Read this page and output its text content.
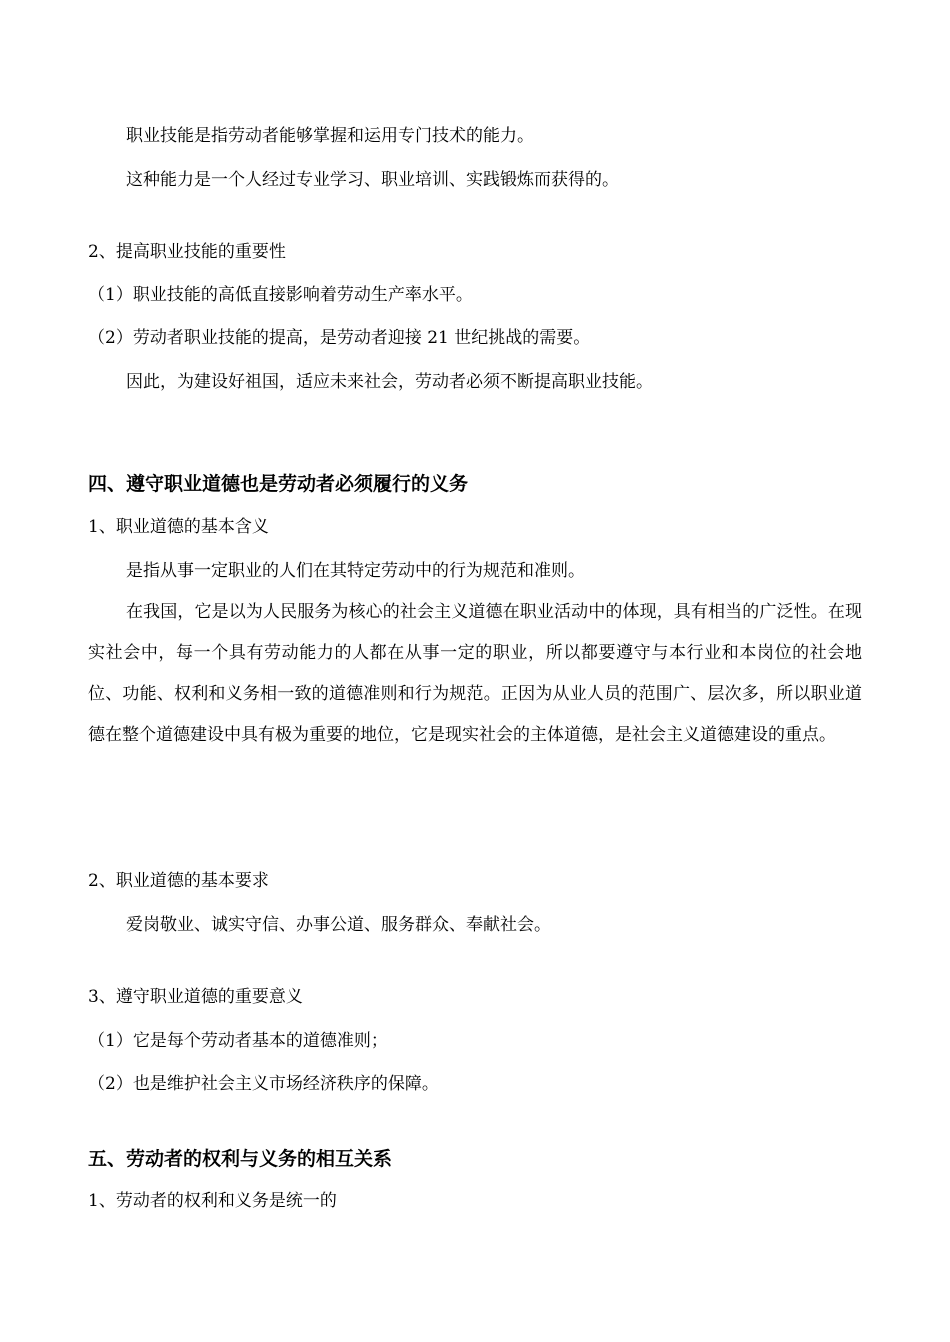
职业技能是指劳动者能够掌握和运用专门技术的能力。
这种能力是一个人经过专业学习、职业培训、实践锻炼而获得的。
2、提高职业技能的重要性
（1）职业技能的高低直接影响着劳动生产率水平。
（2）劳动者职业技能的提高，是劳动者迎接 21 世纪挑战的需要。
因此，为建设好祖国，适应未来社会，劳动者必须不断提高职业技能。
四、遵守职业道德也是劳动者必须履行的义务
1、职业道德的基本含义
是指从事一定职业的人们在其特定劳动中的行为规范和准则。
在我国，它是以为人民服务为核心的社会主义道德在职业活动中的体现，具有相当的广泛性。在现实社会中，每一个具有劳动能力的人都在从事一定的职业，所以都要遵守与本行业和本岗位的社会地位、功能、权利和义务相一致的道德准则和行为规范。正因为从业人员的范围广、层次多，所以职业道德在整个道德建设中具有极为重要的地位，它是现实社会的主体道德，是社会主义道德建设的重点。
2、职业道德的基本要求
爱岗敬业、诚实守信、办事公道、服务群众、奉献社会。
3、遵守职业道德的重要意义
（1）它是每个劳动者基本的道德准则；
（2）也是维护社会主义市场经济秩序的保障。
五、劳动者的权利与义务的相互关系
1、劳动者的权利和义务是统一的
